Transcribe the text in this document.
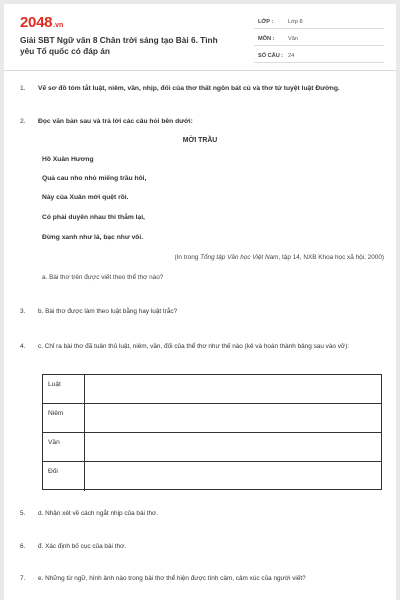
2048 .vn
Giải SBT Ngữ văn 8 Chân trời sáng tạo Bài 6. Tình yêu Tổ quốc có đáp án
LỚP :	Lớp 8
MÔN : Văn
SỐ CÂU : 24
1.	Vẽ sơ đồ tóm tắt luật, niêm, vần, nhịp, đối của thơ thất ngôn bát cú và thơ tứ tuyệt luật Đường.
2.	Đọc văn bản sau và trả lời các câu hỏi bên dưới:
MỜI TRẦU
Hồ Xuân Hương
Quả cau nho nhỏ miếng trầu hôi,
Này của Xuân mới quệt rồi.
Có phải duyên nhau thì thắm lại,
Đừng xanh như lá, bạc như vôi.
(In trong Tổng tập Văn học Việt Nam, tập 14, NXB Khoa học xã hội, 2000)
a. Bài thơ trên được viết theo thể thơ nào?
3.	b. Bài thơ được làm theo luật bằng hay luật trắc?
4.	c. Chỉ ra bài thơ đã tuân thủ luật, niêm, vần, đối của thể thơ như thế nào (kẻ và hoàn thành bảng sau vào vở):
Luật
Niêm
Vần
Đối
5.	d. Nhận xét về cách ngắt nhịp của bài thơ.
6.	đ. Xác định bố cục của bài thơ.
7.	e. Những từ ngữ, hình ảnh nào trong bài thơ thể hiện được tình cảm, cảm xúc của người viết?
